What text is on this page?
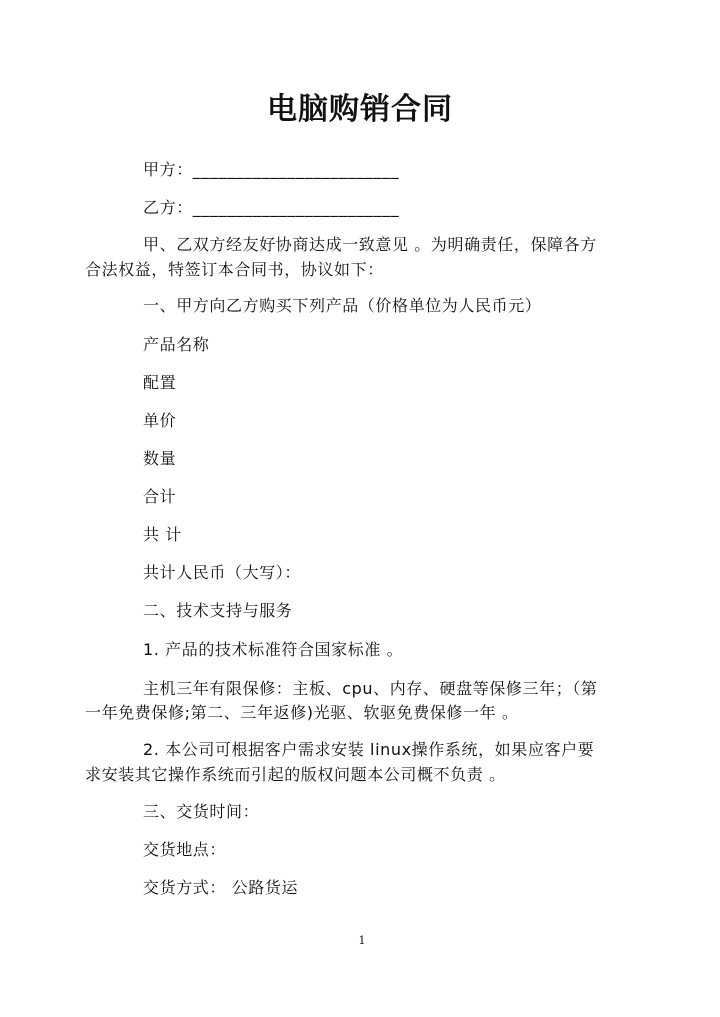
电脑购销合同
甲方：________________________
乙方：________________________
甲、乙双方经友好协商达成一致意见 。为明确责任，保障各方
合法权益，特签订本合同书，协议如下：
一、甲方向乙方购买下列产品（价格单位为人民币元）
产品名称
配置
单价
数量
合计
共 计
共计人民币（大写）：
二、技术支持与服务
1. 产品的技术标准符合国家标准 。
主机三年有限保修：主板、cpu、内存、硬盘等保修三年；（第
一年免费保修;第二、三年返修)光驱、软驱免费保修一年 。
2. 本公司可根据客户需求安装 linux操作系统，如果应客户要
求安装其它操作系统而引起的版权问题本公司概不负责 。
三、交货时间：
交货地点：
交货方式： 公路货运
1
